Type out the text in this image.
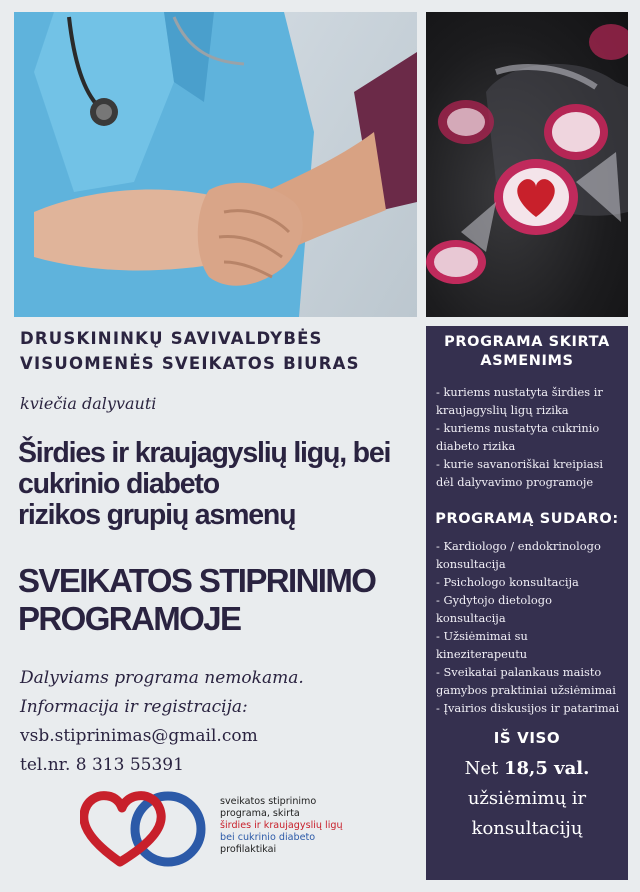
DRUSKININKŲ SAVIVALDYBĖS
VISUOMENĖS SVEIKATOS BIURAS
kviečia dalyvauti
Širdies ir kraujagyslių ligų, bei
cukrinio diabeto
rizikos grupių asmenų
SVEIKATOS STIPRINIMO
PROGRAMOJE
Dalyviams programa nemokama.
Informacija ir registracija:
vsb.stiprinimas@gmail.com
tel.nr. 8 313 55391
sveikatos stiprinimo
programa, skirta
širdies ir kraujagyslių ligų
bei cukrinio diabeto
profilaktikai
PROGRAMA SKIRTA
ASMENIMS
- kuriems nustatyta širdies ir kraujagyslių ligų rizika
- kuriems nustatyta cukrinio diabeto rizika
- kurie savanoriškai kreipiasi dėl dalyvavimo programoje
PROGRAMĄ SUDARO:
- Kardiologo / endokrinologo konsultacija
- Psichologo konsultacija
- Gydytojo dietologo konsultacija
- Užsiėmimai su kineziterapeutu
- Sveikatai palankaus maisto gamybos praktiniai užsiėmimai
- Įvairios diskusijos ir patarimai
IŠ VISO
Net 18,5 val.
užsiėmimų ir
konsultacijų
